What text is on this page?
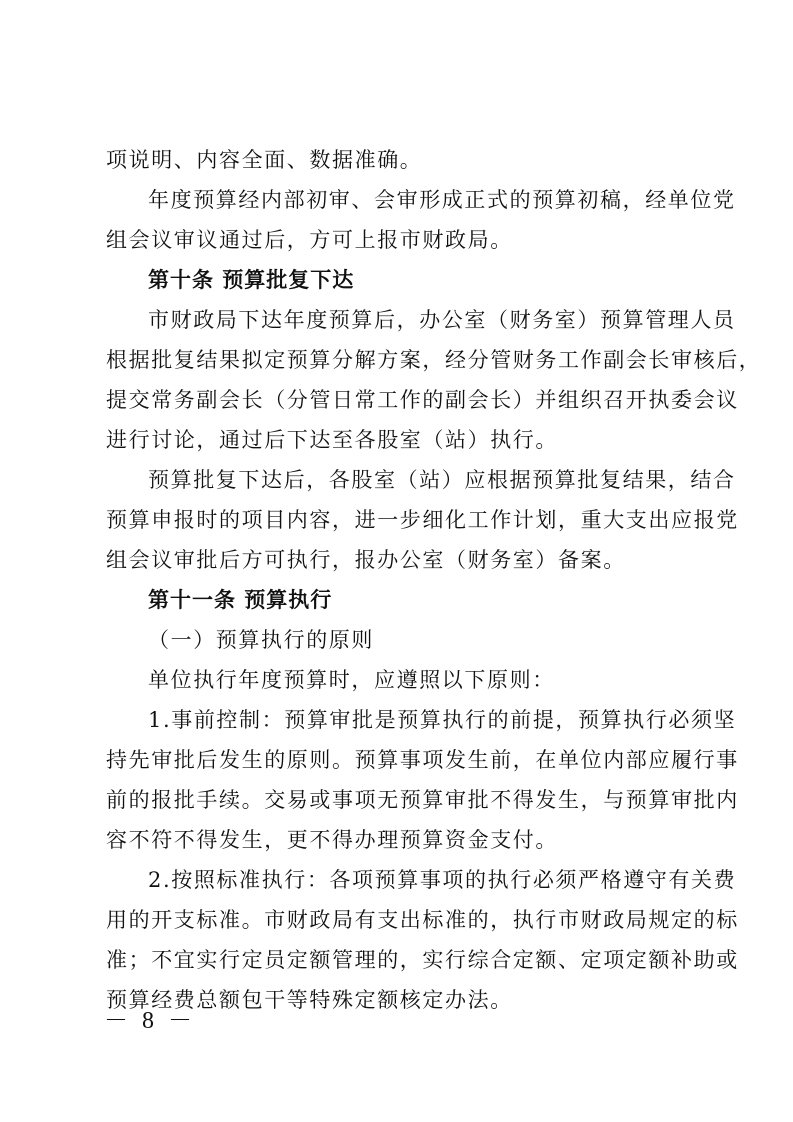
项说明、内容全面、数据准确。
年度预算经内部初审、会审形成正式的预算初稿，经单位党
组会议审议通过后，方可上报市财政局。
第十条 预算批复下达
市财政局下达年度预算后，办公室（财务室）预算管理人员
根据批复结果拟定预算分解方案，经分管财务工作副会长审核后，
提交常务副会长（分管日常工作的副会长）并组织召开执委会议
进行讨论，通过后下达至各股室（站）执行。
预算批复下达后，各股室（站）应根据预算批复结果，结合
预算申报时的项目内容，进一步细化工作计划，重大支出应报党
组会议审批后方可执行，报办公室（财务室）备案。
第十一条 预算执行
（一）预算执行的原则
单位执行年度预算时，应遵照以下原则：
1.事前控制：预算审批是预算执行的前提，预算执行必须坚
持先审批后发生的原则。预算事项发生前，在单位内部应履行事
前的报批手续。交易或事项无预算审批不得发生，与预算审批内
容不符不得发生，更不得办理预算资金支付。
2.按照标准执行：各项预算事项的执行必须严格遵守有关费
用的开支标准。市财政局有支出标准的，执行市财政局规定的标
准；不宜实行定员定额管理的，实行综合定额、定项定额补助或
预算经费总额包干等特殊定额核定办法。
－ 8 －
